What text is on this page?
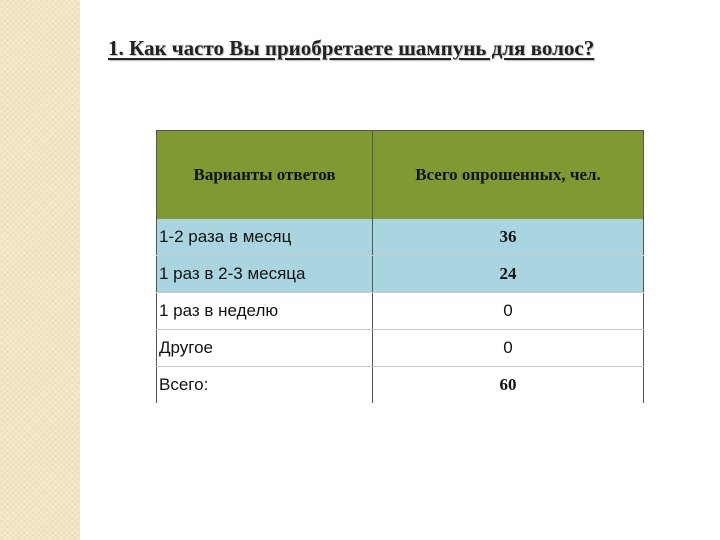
1. Как часто Вы приобретаете шампунь для волос?
Варианты ответов	Всего опрошенных, чел.
1-2 раза в месяц	36
1 раз в 2-3 месяца	24
1 раз в неделю	0
Другое	0
Всего:	60
